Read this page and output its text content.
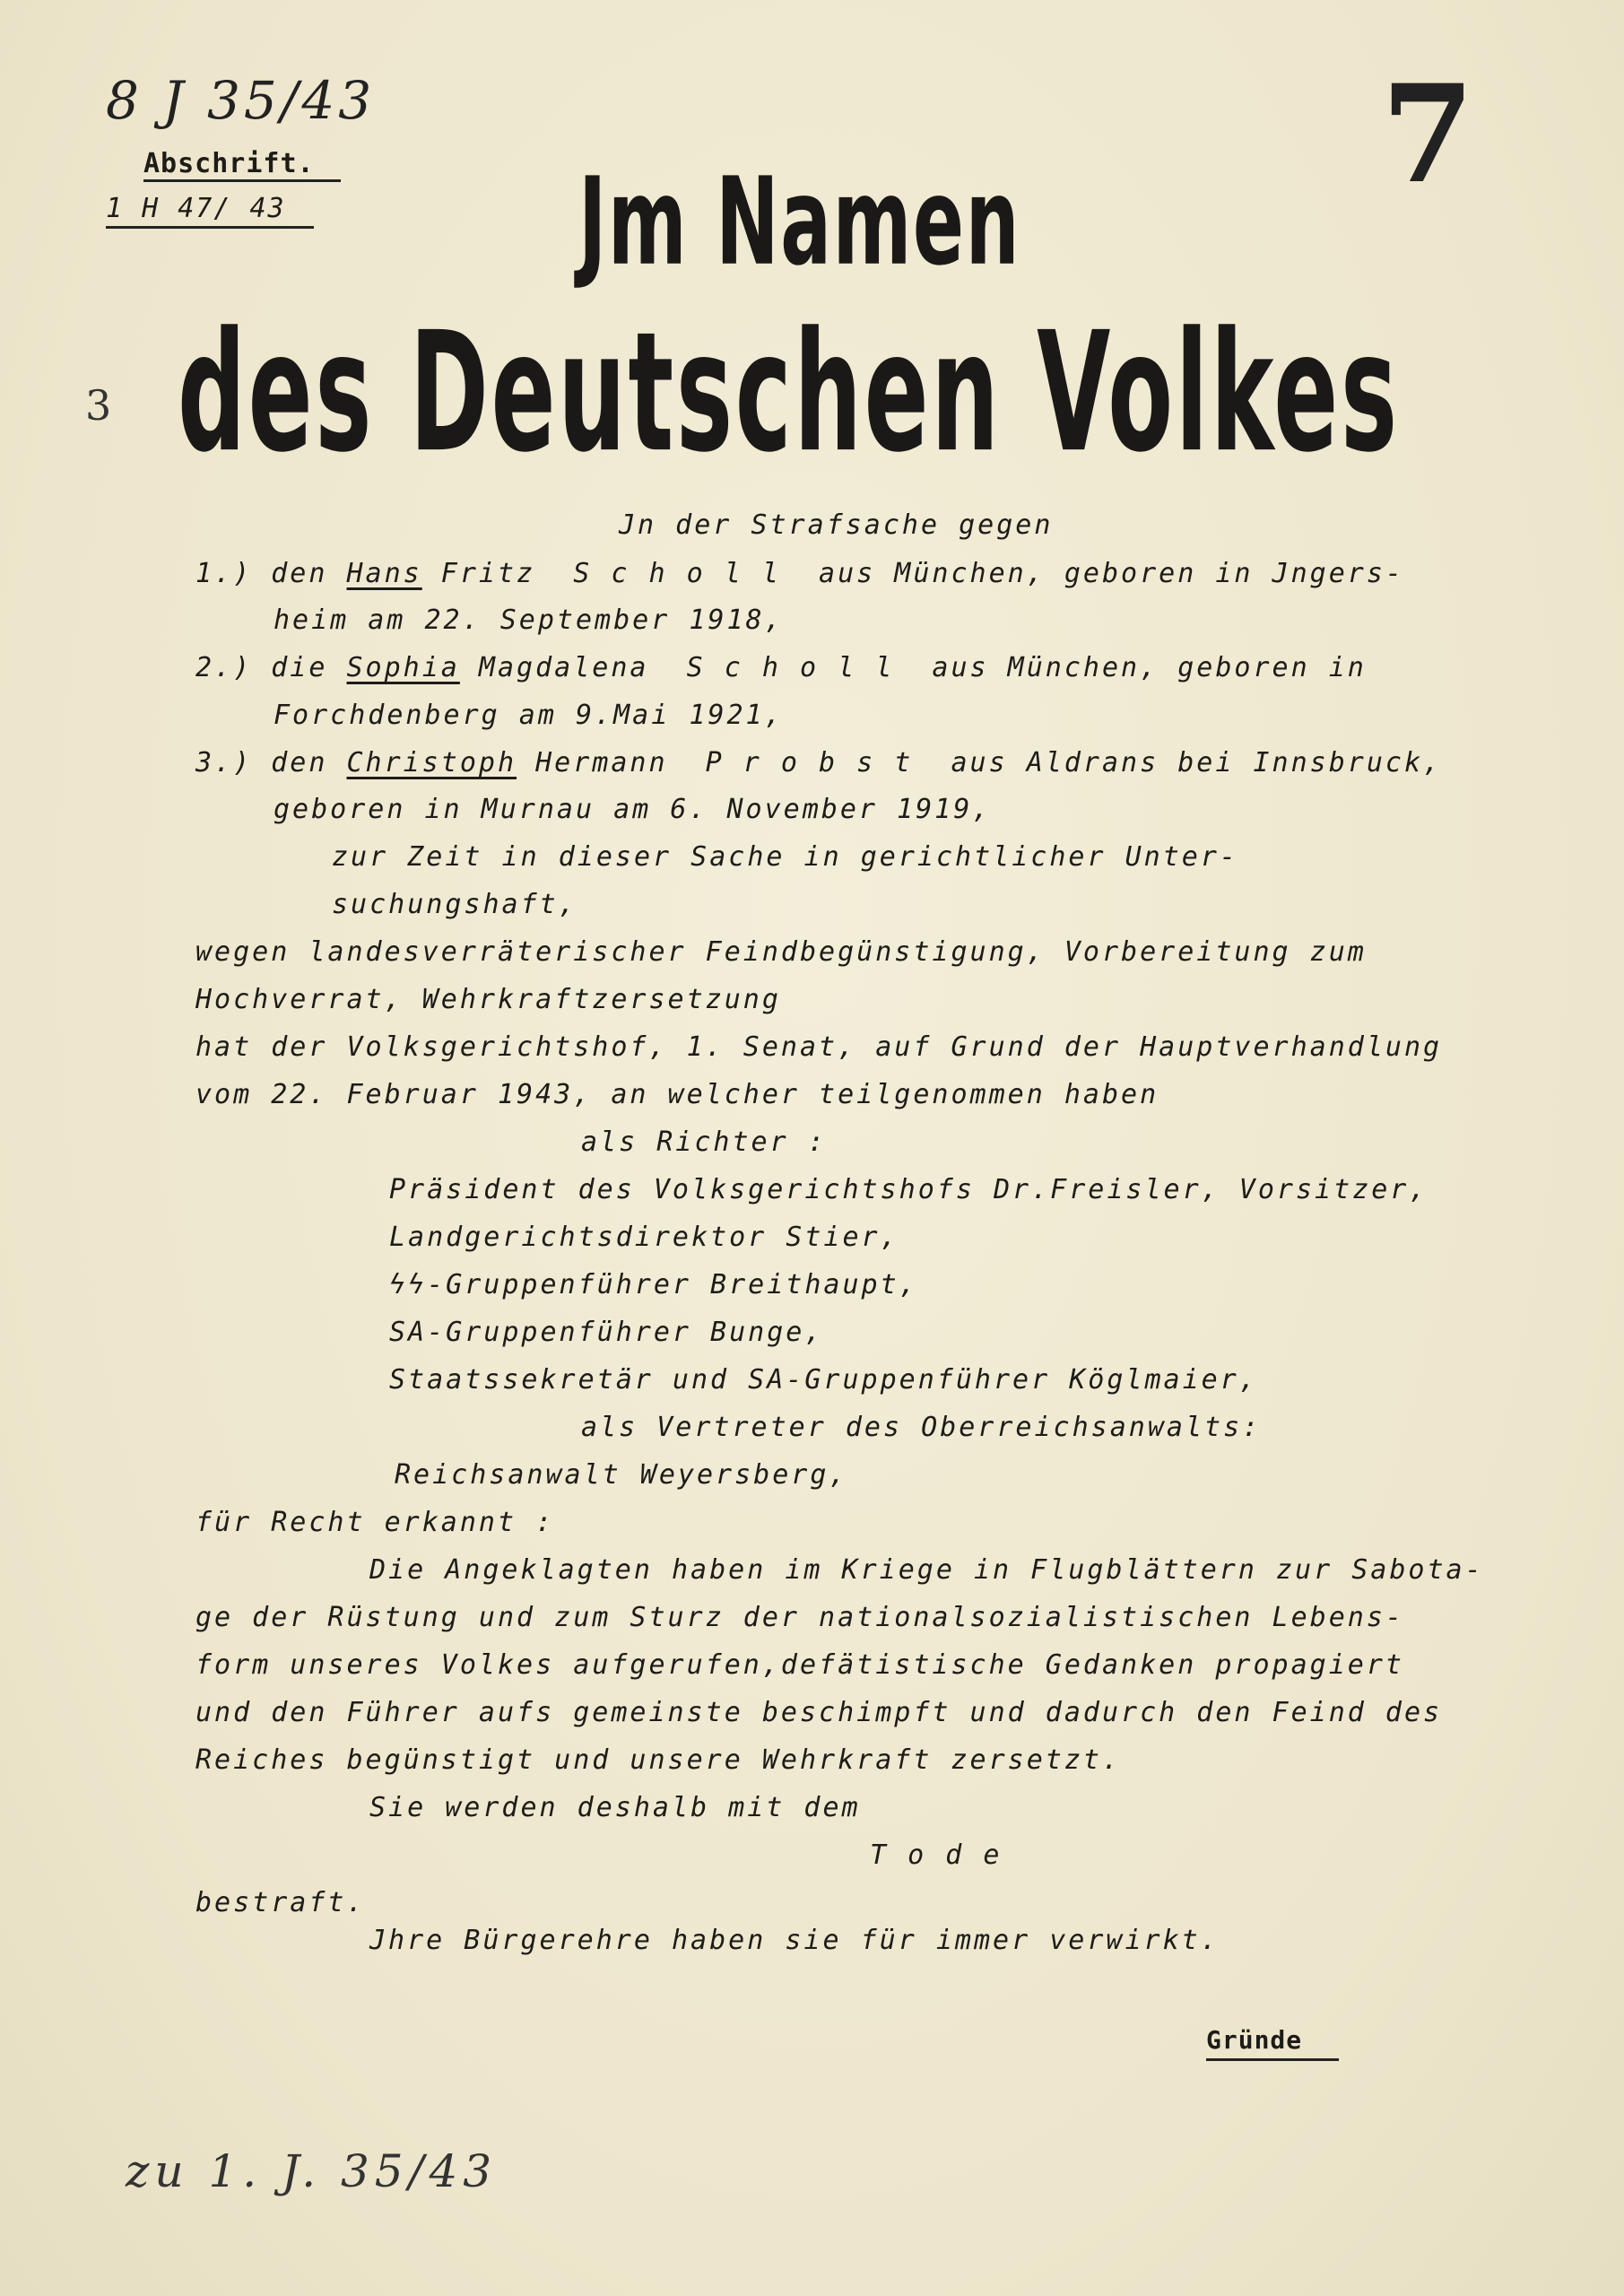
8 J 35/43
Abschrift.
1 H 47/ 43	7
3
Jm Namen
des Deutschen Volkes
Jn der Strafsache gegen
1.) den Hans Fritz  S c h o l l  aus München, geboren in Jngers-
heim am 22. September 1918,
2.) die Sophia Magdalena  S c h o l l  aus München, geboren in
Forchdenberg am 9.Mai 1921,
3.) den Christoph Hermann  P r o b s t  aus Aldrans bei Innsbruck,
geboren in Murnau am 6. November 1919,
zur Zeit in dieser Sache in gerichtlicher Unter-
suchungshaft,
wegen landesverräterischer Feindbegünstigung, Vorbereitung zum
Hochverrat, Wehrkraftzersetzung
hat der Volksgerichtshof, 1. Senat, auf Grund der Hauptverhandlung
vom 22. Februar 1943, an welcher teilgenommen haben
als Richter :
Präsident des Volksgerichtshofs Dr.Freisler, Vorsitzer,
Landgerichtsdirektor Stier,
ϟϟ-Gruppenführer Breithaupt,
SA-Gruppenführer Bunge,
Staatssekretär und SA-Gruppenführer Köglmaier,
als Vertreter des Oberreichsanwalts:
Reichsanwalt Weyersberg,
für Recht erkannt :
Die Angeklagten haben im Kriege in Flugblättern zur Sabota-
ge der Rüstung und zum Sturz der nationalsozialistischen Lebens-
form unseres Volkes aufgerufen,defätistische Gedanken propagiert
und den Führer aufs gemeinste beschimpft und dadurch den Feind des
Reiches begünstigt und unsere Wehrkraft zersetzt.
Sie werden deshalb mit dem
T o d e
bestraft.
Jhre Bürgerehre haben sie für immer verwirkt.
Gründe
zu 1. J. 35/43
